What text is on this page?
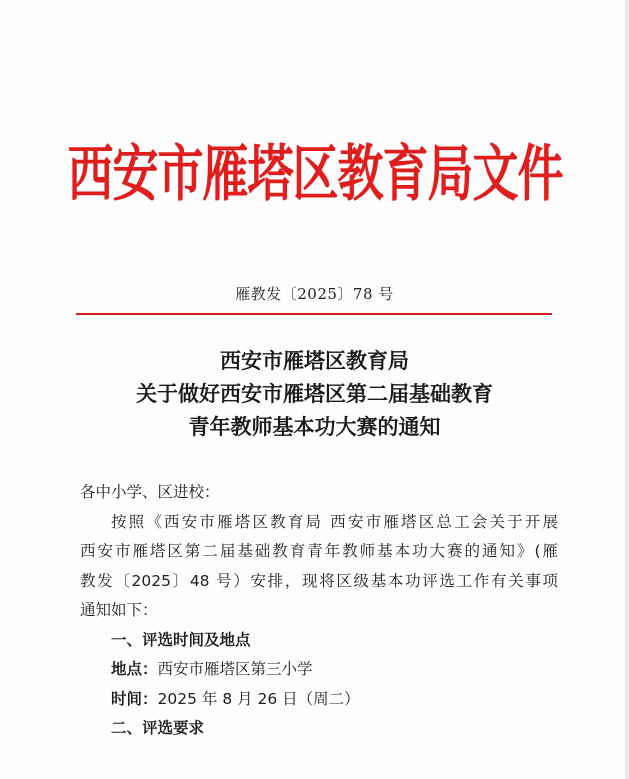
西安市雁塔区教育局文件
雁教发〔2025〕78 号
西安市雁塔区教育局
关于做好西安市雁塔区第二届基础教育
青年教师基本功大赛的通知
各中小学、区进校：
按照《西安市雁塔区教育局 西安市雁塔区总工会关于开展
西安市雁塔区第二届基础教育青年教师基本功大赛的通知》(雁
教发〔2025〕48 号）安排，现将区级基本功评选工作有关事项
通知如下：
一、评选时间及地点
地点：西安市雁塔区第三小学
时间：2025 年 8 月 26 日（周二）
二、评选要求
